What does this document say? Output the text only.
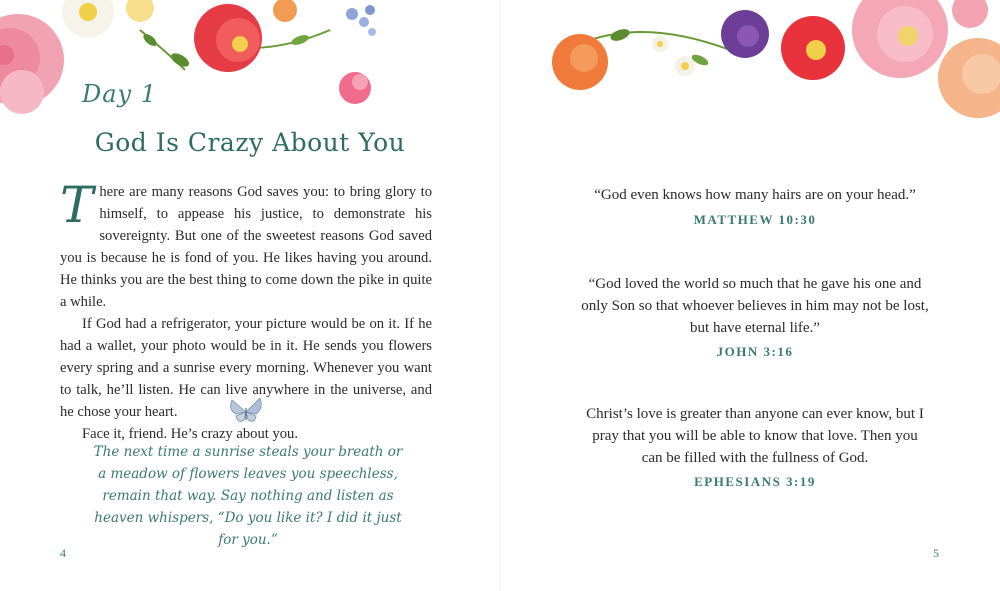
Day 1
God Is Crazy About You

There are many reasons God saves you: to bring glory to himself, to appease his justice, to demonstrate his sovereignty. But one of the sweetest reasons God saved you is because he is fond of you. He likes having you around. He thinks you are the best thing to come down the pike in quite a while.

If God had a refrigerator, your picture would be on it. If he had a wallet, your photo would be in it. He sends you flowers every spring and a sunrise every morning. Whenever you want to talk, he’ll listen. He can live anywhere in the universe, and he chose your heart.

Face it, friend. He’s crazy about you.

The next time a sunrise steals your breath or a meadow of flowers leaves you speechless, remain that way. Say nothing and listen as heaven whispers, “Do you like it? I did it just for you.”
4
“God even knows how many hairs are on your head.”
MATTHEW 10:30
“God loved the world so much that he gave his one and only Son so that whoever believes in him may not be lost, but have eternal life.”
JOHN 3:16
Christ’s love is greater than anyone can ever know, but I pray that you will be able to know that love. Then you can be filled with the fullness of God.
EPHESIANS 3:19
5
